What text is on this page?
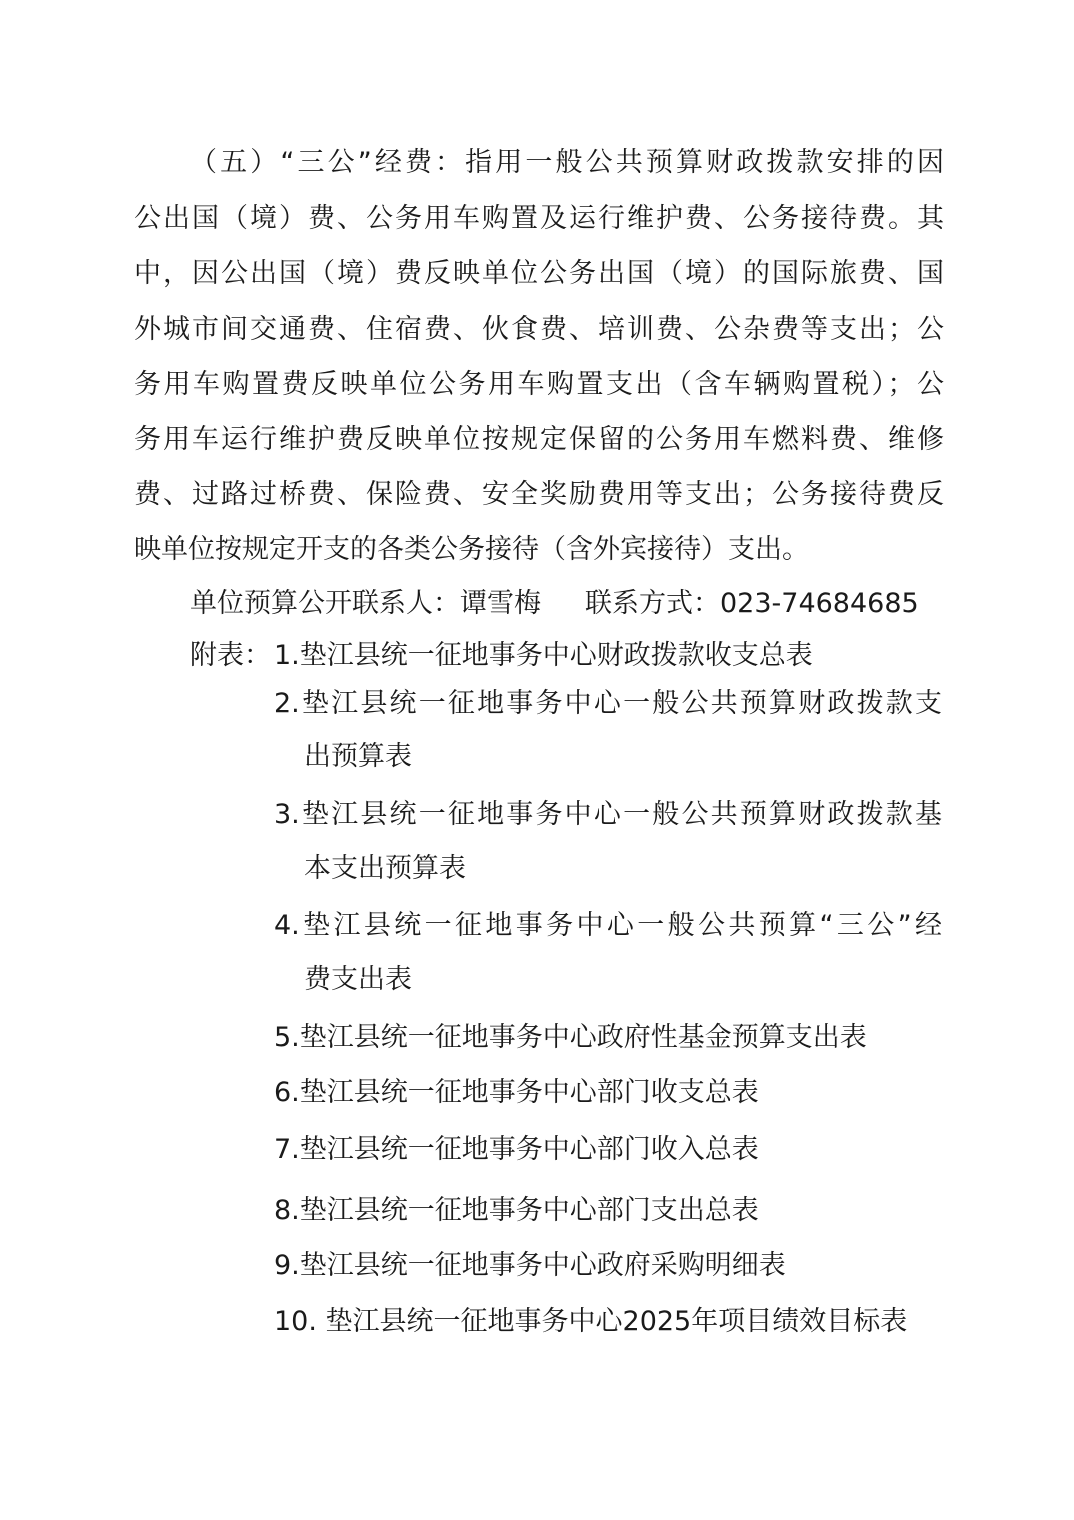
（五）“三公”经费：指用一般公共预算财政拨款安排的因
公出国（境）费、公务用车购置及运行维护费、公务接待费。其
中，因公出国（境）费反映单位公务出国（境）的国际旅费、国
外城市间交通费、住宿费、伙食费、培训费、公杂费等支出；公
务用车购置费反映单位公务用车购置支出（含车辆购置税）；公
务用车运行维护费反映单位按规定保留的公务用车燃料费、维修
费、过路过桥费、保险费、安全奖励费用等支出；公务接待费反
映单位按规定开支的各类公务接待（含外宾接待）支出。
单位预算公开联系人：谭雪梅 联系方式：023-74684685
附表： 1.垫江县统一征地事务中心财政拨款收支总表
2.垫江县统一征地事务中心一般公共预算财政拨款支
出预算表
3.垫江县统一征地事务中心一般公共预算财政拨款基
本支出预算表
4.垫江县统一征地事务中心一般公共预算“三公”经
费支出表
5.垫江县统一征地事务中心政府性基金预算支出表
6.垫江县统一征地事务中心部门收支总表
7.垫江县统一征地事务中心部门收入总表
8.垫江县统一征地事务中心部门支出总表
9.垫江县统一征地事务中心政府采购明细表
10. 垫江县统一征地事务中心2025年项目绩效目标表
